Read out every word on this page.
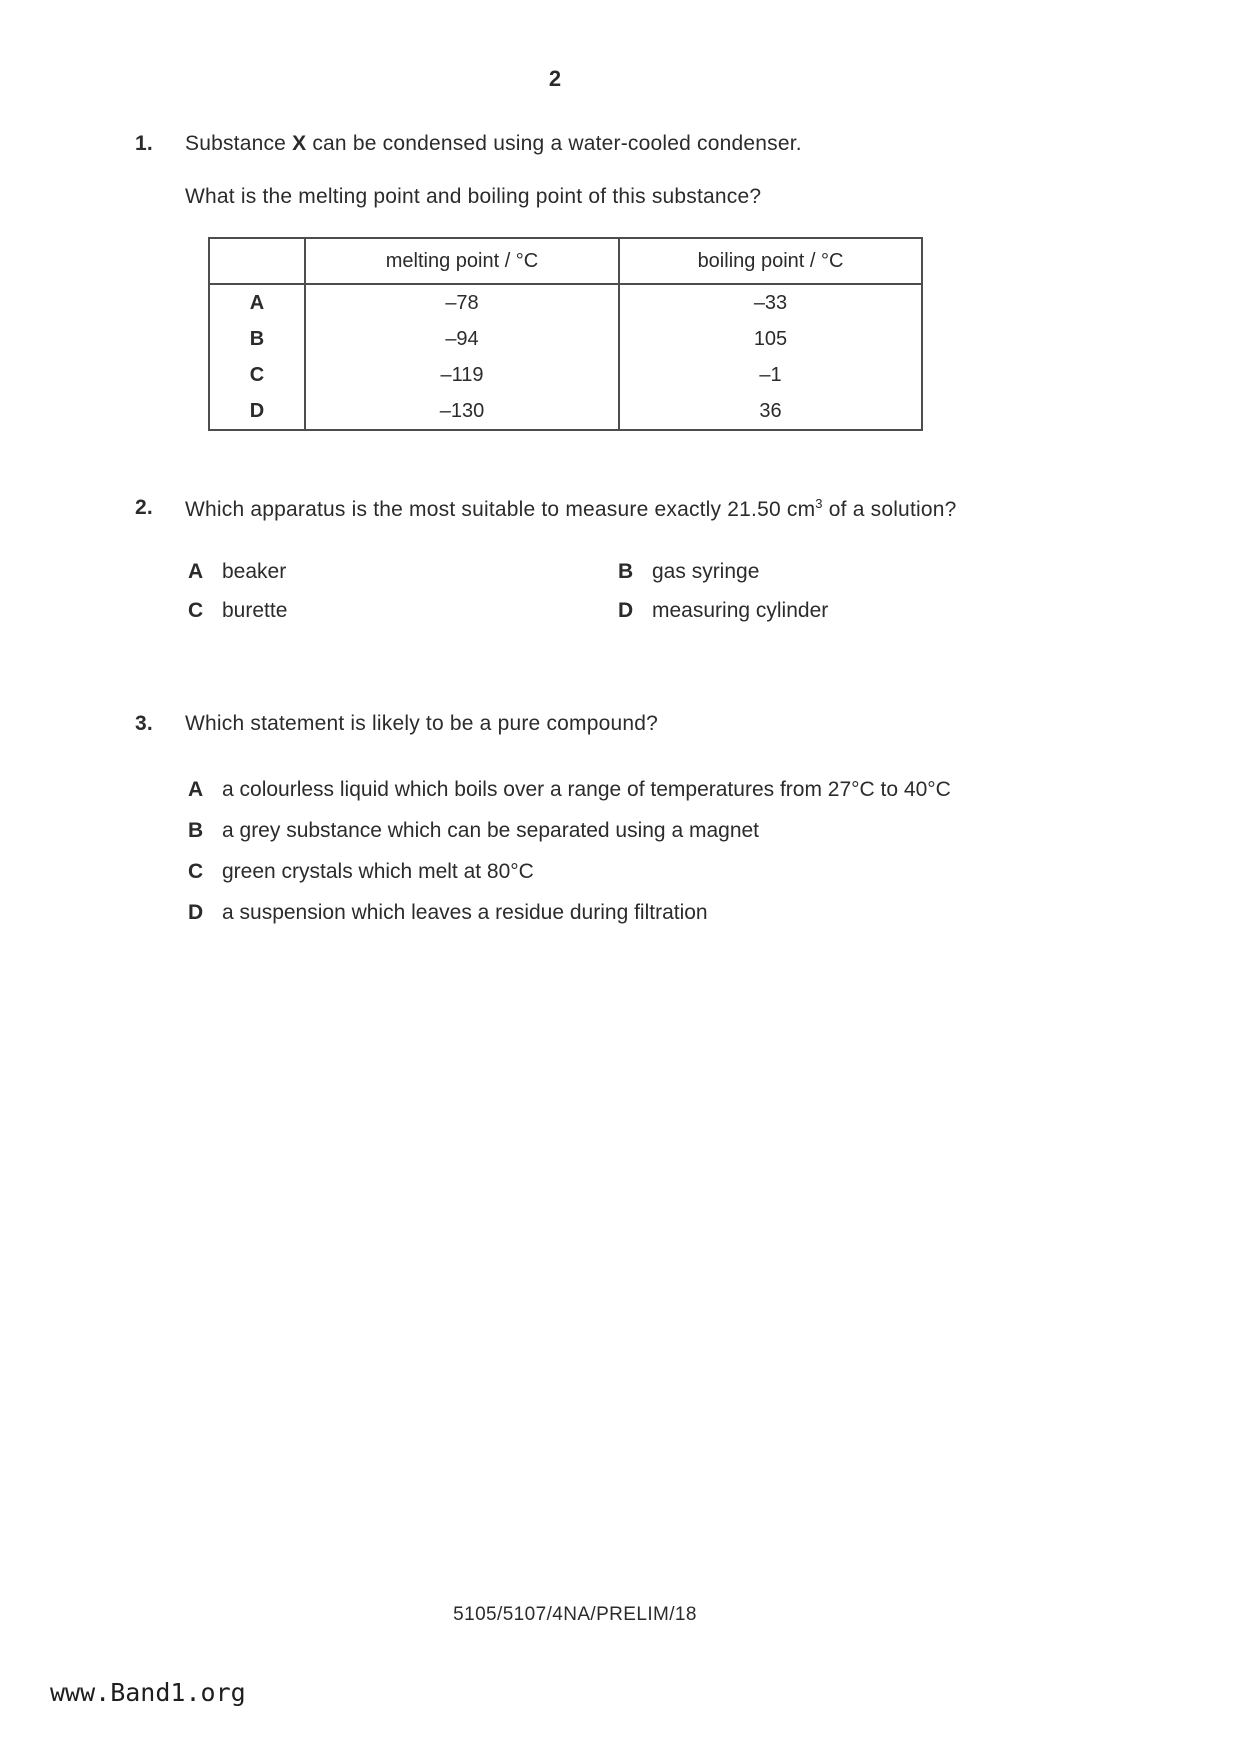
2
1.	Substance X can be condensed using a water-cooled condenser.
What is the melting point and boiling point of this substance?
	melting point / °C	boiling point / °C
A	–78	–33
B	–94	105
C	–119	–1
D	–130	36
2.	Which apparatus is the most suitable to measure exactly 21.50 $cm^3$ of a solution?
A beaker	B gas syringe
C burette	D measuring cylinder
3.	Which statement is likely to be a pure compound?
A a colourless liquid which boils over a range of temperatures from 27°C to 40°C
B a grey substance which can be separated using a magnet
C green crystals which melt at 80°C
D a suspension which leaves a residue during filtration
5105/5107/4NA/PRELIM/18
www.Band1.org
